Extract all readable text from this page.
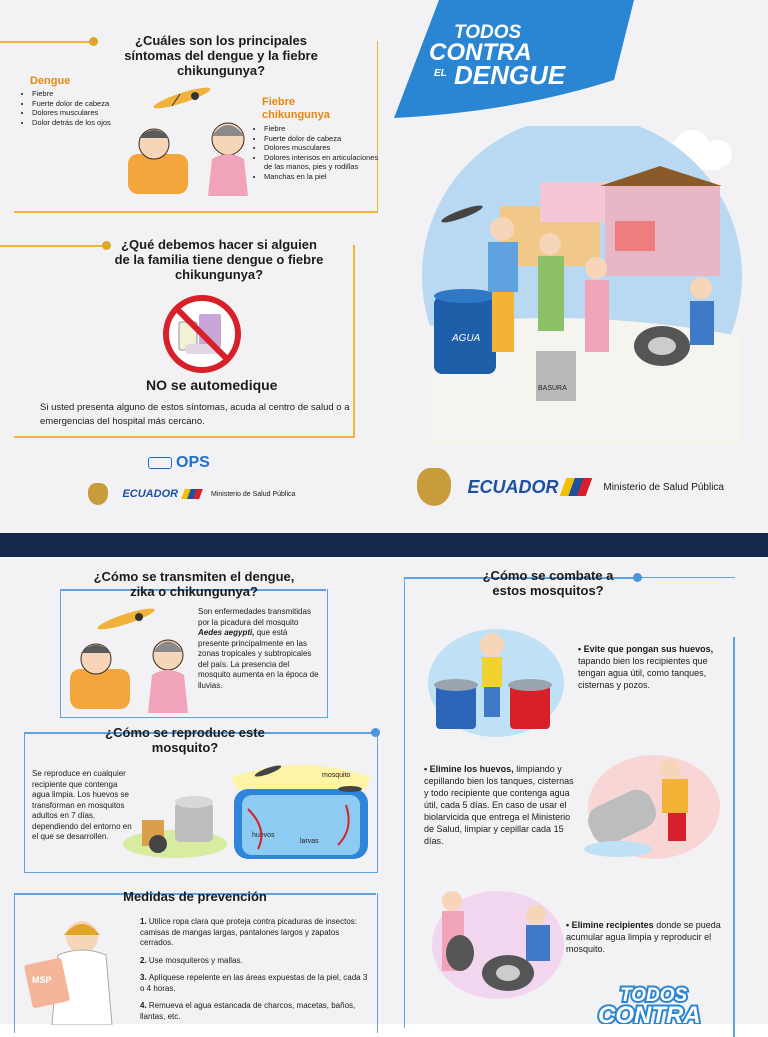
¿Cuáles son los principales síntomas del dengue y la fiebre chikungunya?
Dengue
• Fiebre
• Fuerte dolor de cabeza
• Dolores musculares
• Dolor detrás de los ojos
Fiebre chikungunya
• Fiebre
• Fuerte dolor de cabeza
• Dolores musculares
• Dolores intensos en articulaciones de las manos, pies y rodillas
• Manchas en la piel
¿Qué debemos hacer si alguien de la familia tiene dengue o fiebre chikungunya?
NO se automedique
Si usted presenta alguno de estos síntomas, acuda al centro de salud o a emergencias del hospital más cercano.
OPS
ECUADOR	Ministerio de Salud Pública
TODOS
CONTRA
EL DENGUE
AGUA
BASURA
ECUADOR	Ministerio de Salud Pública
¿Cómo se transmiten el dengue, zika o chikungunya?
Son enfermedades transmitidas por la picadura del mosquito Aedes aegypti, que está presente principalmente en las zonas tropicales y subtropicales del país. La presencia del mosquito aumenta en la época de lluvias.
¿Cómo se reproduce este mosquito?
Se reproduce en cualquier recipiente que contenga agua limpia. Los huevos se transforman en mosquitos adultos en 7 días, dependiendo del entorno en el que se desarrollen.
mosquito
huevos
larvas
Medidas de prevención
MSP

1. Utilice ropa clara que proteja contra picaduras de insectos: camisas de mangas largas, pantalones largos y zapatos cerrados.

2. Use mosquiteros y mallas.

3. Aplíquese repelente en las áreas expuestas de la piel, cada 3 o 4 horas.

4. Remueva el agua estancada de charcos, macetas, baños, llantas, etc.

¿Cómo se combate a estos mosquitos?
• Evite que pongan sus huevos, tapando bien los recipientes que tengan agua útil, como tanques, cisternas y pozos.
• Elimine los huevos, limpiando y cepillando bien los tanques, cisternas y todo recipiente que contenga agua útil, cada 5 días. En caso de usar el biolarvicida que entrega el Ministerio de Salud, limpiar y cepillar cada 15 días.
• Elimine recipientes donde se pueda acumular agua limpia y reproducir el mosquito.
TODOS
CONTRA
